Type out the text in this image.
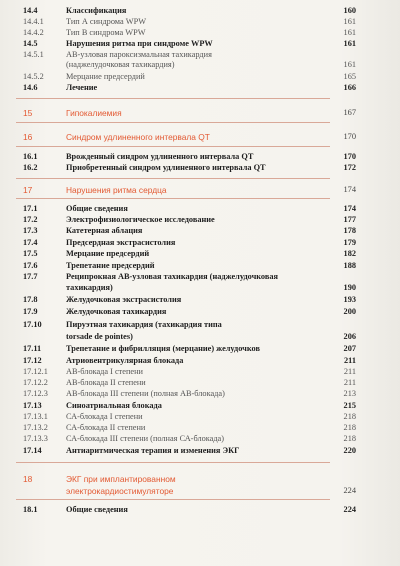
14.4	Классификация	160
14.4.1	Тип А синдрома WPW	161
14.4.2	Тип В синдрома WPW	161
14.5	Нарушения ритма при синдроме WPW	161
14.5.1	АВ-узловая пароксизмальная тахикардия
(наджелудочковая тахикардия)	161
14.5.2	Мерцание предсердий	165
14.6	Лечение	166
15	Гипокалиемия	167
16	Синдром удлиненного интервала QT	170
16.1	Врожденный синдром удлиненного интервала QT	170
16.2	Приобретенный синдром удлиненного интервала QT	172
17	Нарушения ритма сердца	174
17.1	Общие сведения	174
17.2	Электрофизиологическое исследование	177
17.3	Катетерная аблация	178
17.4	Предсердная экстрасистолия	179
17.5	Мерцание предсердий	182
17.6	Трепетание предсердий	188
17.7	Реципрокная АВ-узловая тахикардия (наджелудочковая
тахикардия)	190
17.8	Желудочковая экстрасистолия	193
17.9	Желудочковая тахикардия	200
17.10	Пируэтная тахикардия (тахикардия типа
torsade de pointes)	206
17.11	Трепетание и фибрилляция (мерцание) желудочков	207
17.12	Атриовентрикулярная блокада	211
17.12.1 АВ-блокада I степени	211
17.12.2 АВ-блокада II степени	211
17.12.3 АВ-блокада III степени (полная АВ-блокада)	213
17.13	Синоатриальная блокада	215
17.13.1 СА-блокада I степени	218
17.13.2 СА-блокада II степени	218
17.13.3 СА-блокада III степени (полная СА-блокада)	218
17.14	Антиаритмическая терапия и изменения ЭКГ	220
18	ЭКГ при имплантированном
электрокардиостимуляторе	224
18.1	Общие сведения	224
